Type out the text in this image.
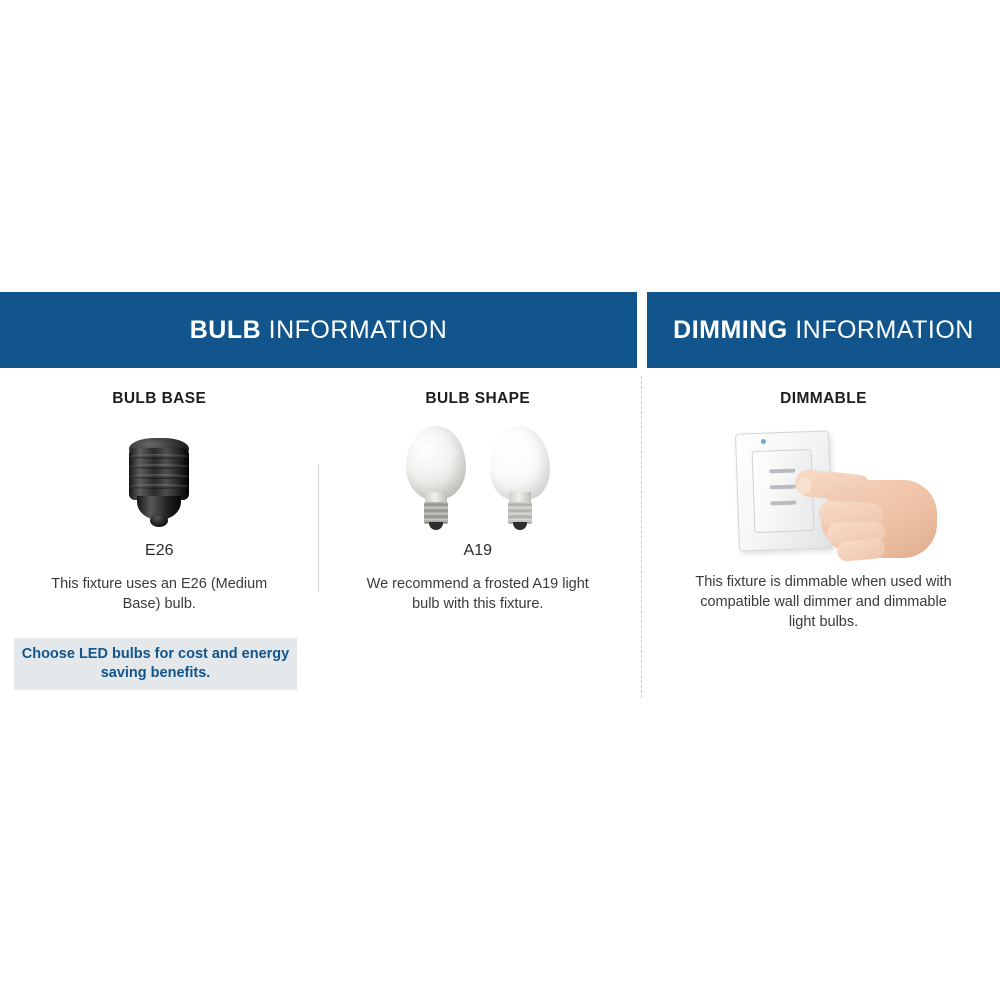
BULB INFORMATION
BULB BASE
E26
This fixture uses an E26 (Medium Base) bulb.
BULB SHAPE
A19
We recommend a frosted A19 light bulb with this fixture.
Choose LED bulbs for cost and energy saving benefits.
DIMMING INFORMATION
DIMMABLE
This fixture is dimmable when used with compatible wall dimmer and dimmable light bulbs.
